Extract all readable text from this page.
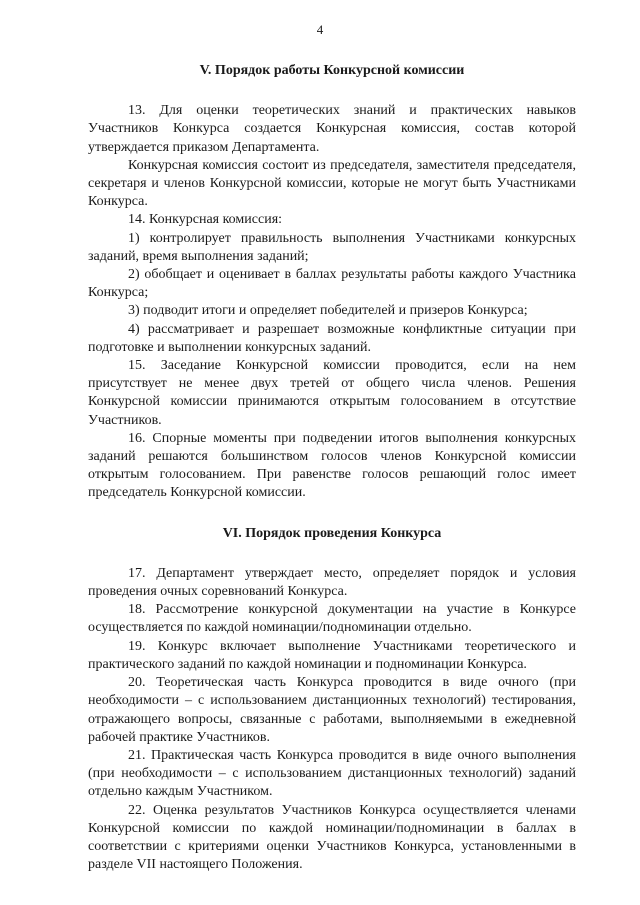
4
V. Порядок работы Конкурсной комиссии

13. Для оценки теоретических знаний и практических навыков Участников Конкурса создается Конкурсная комиссия, состав которой утверждается приказом Департамента.

Конкурсная комиссия состоит из председателя, заместителя председателя, секретаря и членов Конкурсной комиссии, которые не могут быть Участниками Конкурса.

14. Конкурсная комиссия:

1) контролирует правильность выполнения Участниками конкурсных заданий, время выполнения заданий;

2) обобщает и оценивает в баллах результаты работы каждого Участника Конкурса;

3) подводит итоги и определяет победителей и призеров Конкурса;

4) рассматривает и разрешает возможные конфликтные ситуации при подготовке и выполнении конкурсных заданий.

15. Заседание Конкурсной комиссии проводится, если на нем присутствует не менее двух третей от общего числа членов. Решения Конкурсной комиссии принимаются открытым голосованием в отсутствие Участников.

16. Спорные моменты при подведении итогов выполнения конкурсных заданий решаются большинством голосов членов Конкурсной комиссии открытым голосованием. При равенстве голосов решающий голос имеет председатель Конкурсной комиссии.

VI. Порядок проведения Конкурса

17. Департамент утверждает место, определяет порядок и условия проведения очных соревнований Конкурса.

18. Рассмотрение конкурсной документации на участие в Конкурсе осуществляется по каждой номинации/подноминации отдельно.

19. Конкурс включает выполнение Участниками теоретического и практического заданий по каждой номинации и подноминации Конкурса.

20. Теоретическая часть Конкурса проводится в виде очного (при необходимости – с использованием дистанционных технологий) тестирования, отражающего вопросы, связанные с работами, выполняемыми в ежедневной рабочей практике Участников.

21. Практическая часть Конкурса проводится в виде очного выполнения (при необходимости – с использованием дистанционных технологий) заданий отдельно каждым Участником.

22. Оценка результатов Участников Конкурса осуществляется членами Конкурсной комиссии по каждой номинации/подноминации в баллах в соответствии с критериями оценки Участников Конкурса, установленными в разделе VII настоящего Положения.
